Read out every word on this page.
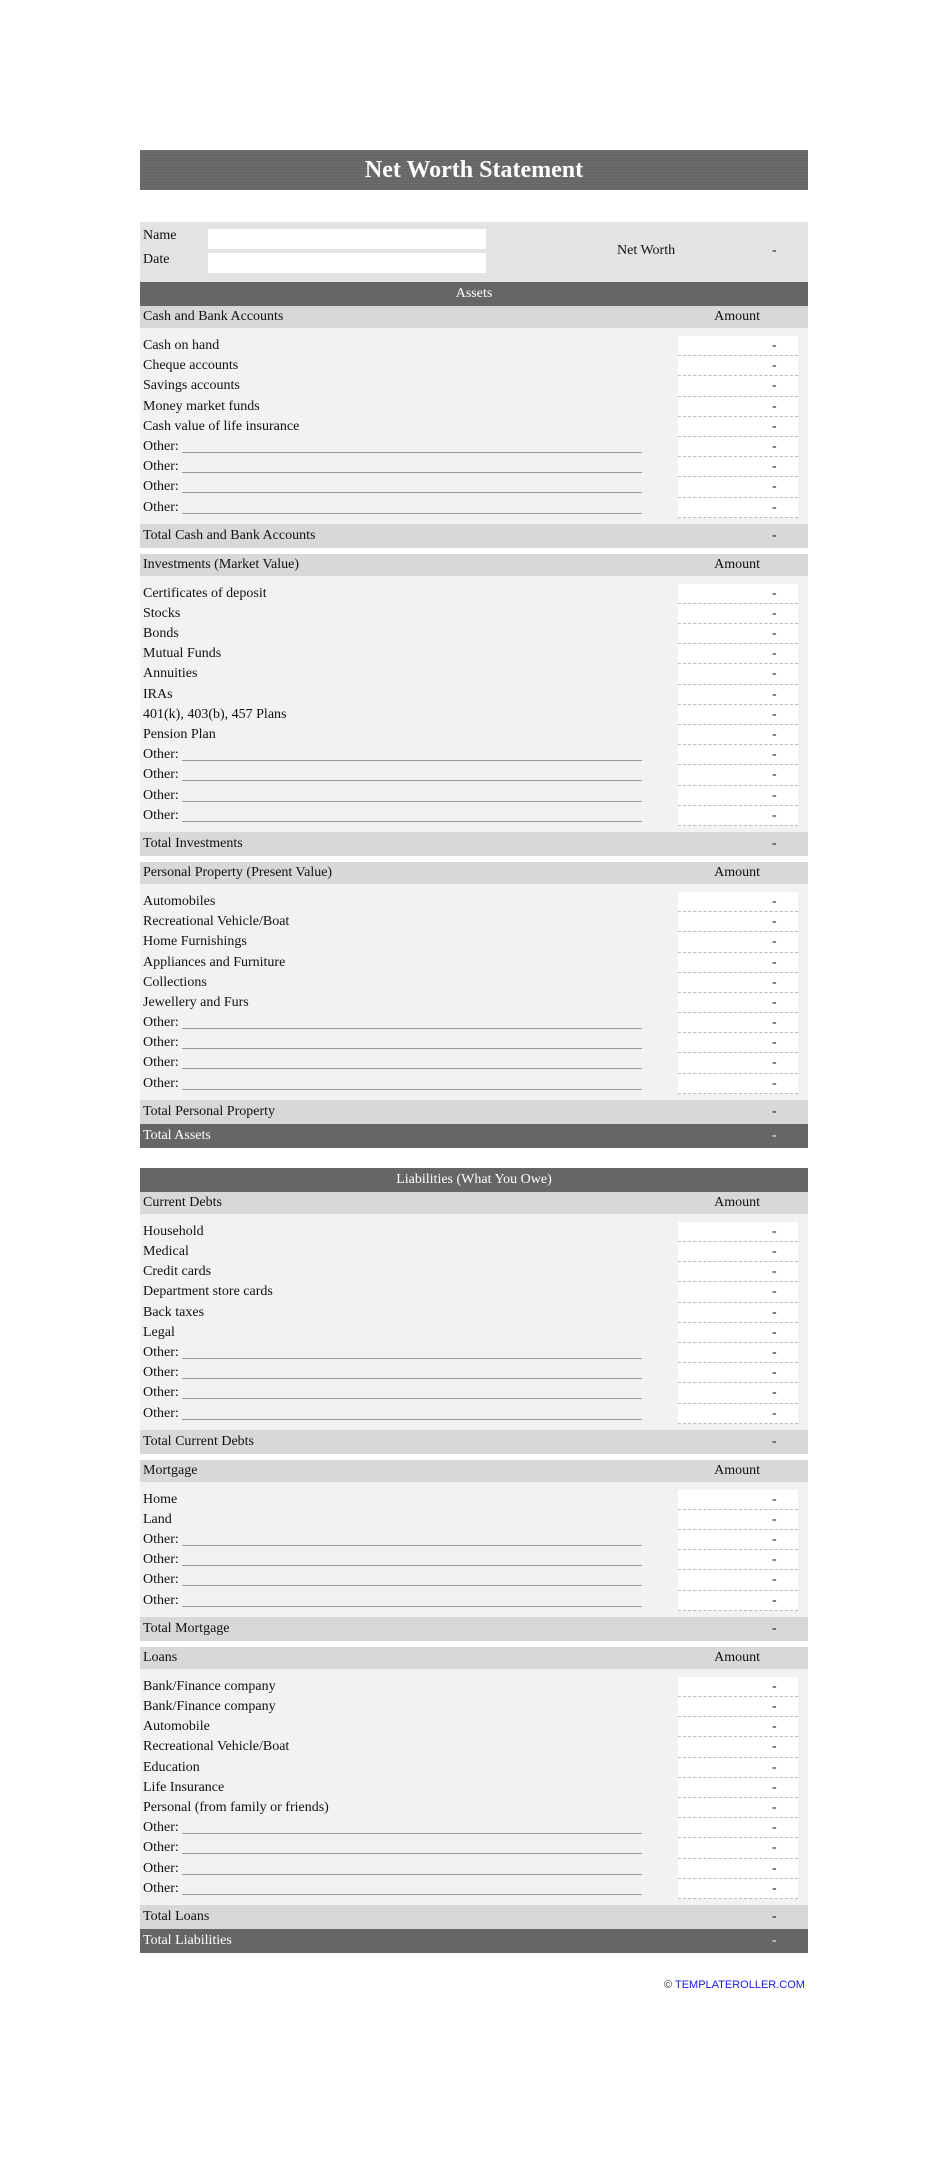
Net Worth Statement
Name
Date
Net Worth	-
Assets
Cash and Bank Accounts	Amount
Cash on hand	-
Cheque accounts	-
Savings accounts	-
Money market funds	-
Cash value of life insurance	-
Other:	-
Other:	-
Other:	-
Other:	-
Total Cash and Bank Accounts	-
Investments (Market Value)	Amount
Certificates of deposit	-
Stocks	-
Bonds	-
Mutual Funds	-
Annuities	-
IRAs	-
401(k), 403(b), 457 Plans	-
Pension Plan	-
Other:	-
Other:	-
Other:	-
Other:	-
Total Investments	-
Personal Property (Present Value)	Amount
Automobiles	-
Recreational Vehicle/Boat	-
Home Furnishings	-
Appliances and Furniture	-
Collections	-
Jewellery and Furs	-
Other:	-
Other:	-
Other:	-
Other:	-
Total Personal Property	-
Total Assets	-
Liabilities (What You Owe)
Current Debts	Amount
Household	-
Medical	-
Credit cards	-
Department store cards	-
Back taxes	-
Legal	-
Other:	-
Other:	-
Other:	-
Other:	-
Total Current Debts	-
Mortgage	Amount
Home	-
Land	-
Other:	-
Other:	-
Other:	-
Other:	-
Total Mortgage	-
Loans	Amount
Bank/Finance company	-
Bank/Finance company	-
Automobile	-
Recreational Vehicle/Boat	-
Education	-
Life Insurance	-
Personal (from family or friends)	-
Other:	-
Other:	-
Other:	-
Other:	-
Total Loans	-
Total Liabilities	-
© TEMPLATEROLLER.COM
